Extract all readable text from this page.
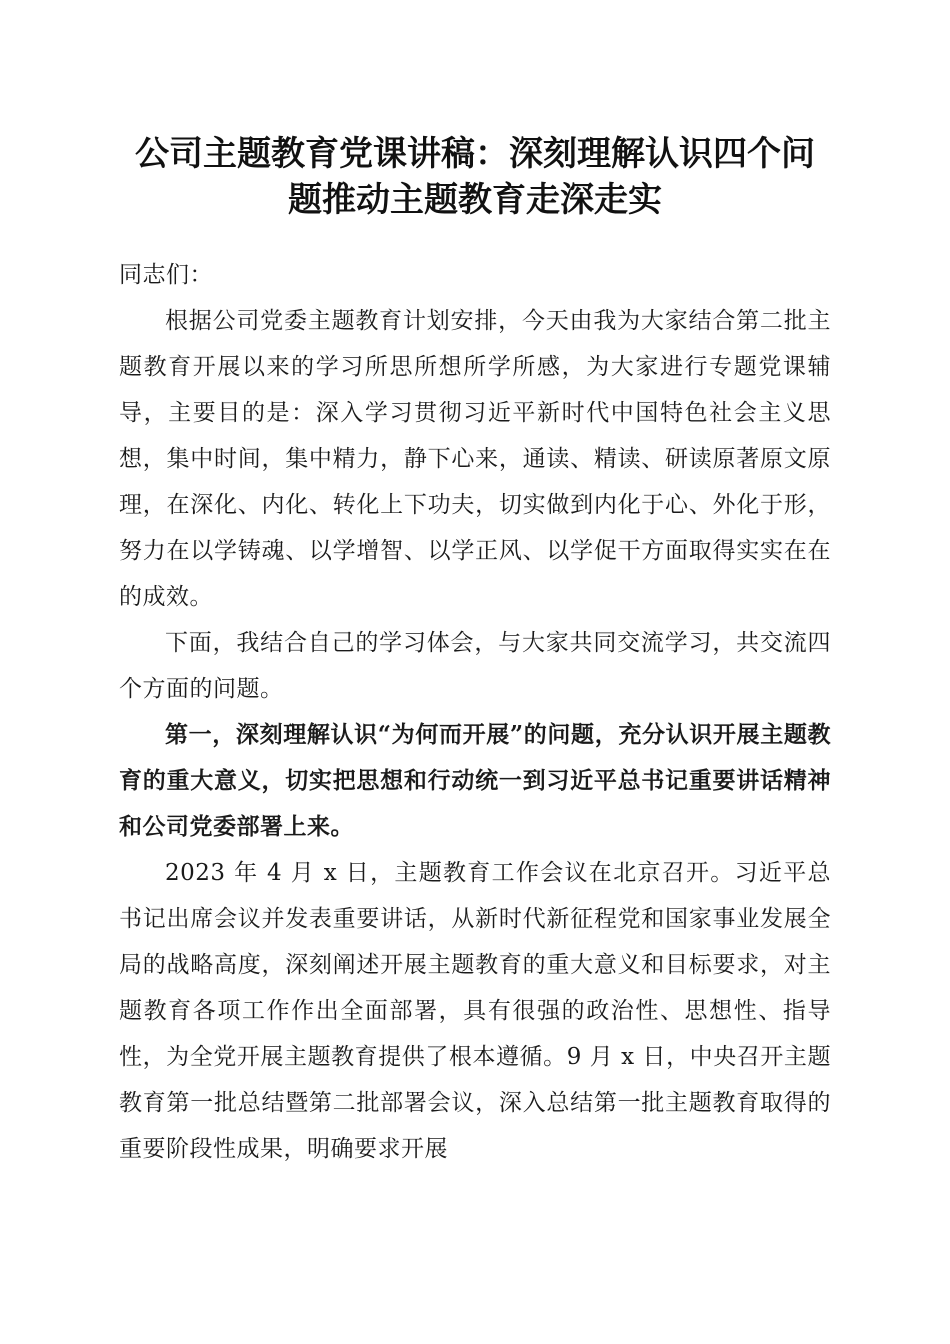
公司主题教育党课讲稿：深刻理解认识四个问
题推动主题教育走深走实

同志们：

根据公司党委主题教育计划安排，今天由我为大家结合第二批主题教育开展以来的学习所思所想所学所感，为大家进行专题党课辅导，主要目的是：深入学习贯彻习近平新时代中国特色社会主义思想，集中时间，集中精力，静下心来，通读、精读、研读原著原文原理，在深化、内化、转化上下功夫，切实做到内化于心、外化于形，努力在以学铸魂、以学增智、以学正风、以学促干方面取得实实在在的成效。

下面，我结合自己的学习体会，与大家共同交流学习，共交流四个方面的问题。

第一，深刻理解认识“为何而开展”的问题，充分认识开展主题教育的重大意义，切实把思想和行动统一到习近平总书记重要讲话精神和公司党委部署上来。

2023 年 4 月 x 日，主题教育工作会议在北京召开。习近平总书记出席会议并发表重要讲话，从新时代新征程党和国家事业发展全局的战略高度，深刻阐述开展主题教育的重大意义和目标要求，对主题教育各项工作作出全面部署，具有很强的政治性、思想性、指导性，为全党开展主题教育提供了根本遵循。9 月 x 日，中央召开主题教育第一批总结暨第二批部署会议，深入总结第一批主题教育取得的重要阶段性成果，明确要求开展
